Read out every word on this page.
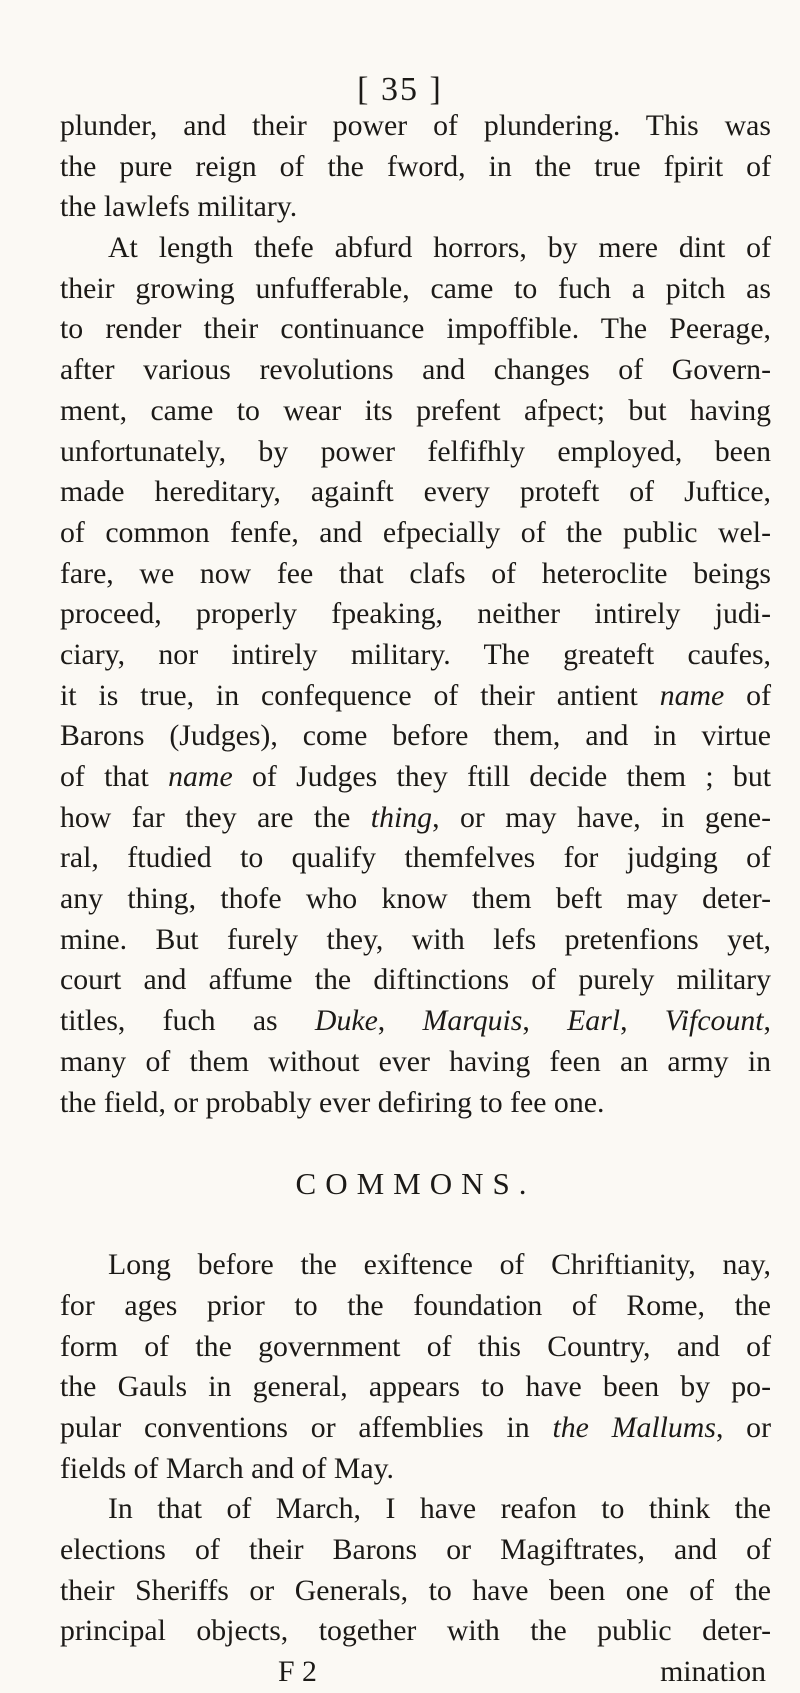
[ 35 ]
plunder, and their power of plundering. This was
the pure reign of the fword, in the true fpirit of
the lawlefs military.
At length thefe abfurd horrors, by mere dint of
their growing unfufferable, came to fuch a pitch as
to render their continuance impoffible. The Peerage,
after various revolutions and changes of Govern-
ment, came to wear its prefent afpect; but having
unfortunately, by power felfifhly employed, been
made hereditary, againft every proteft of Juftice,
of common fenfe, and efpecially of the public wel-
fare, we now fee that clafs of heteroclite beings
proceed, properly fpeaking, neither intirely judi-
ciary, nor intirely military. The greateft caufes,
it is true, in confequence of their antient name of
Barons (Judges), come before them, and in virtue
of that name of Judges they ftill decide them ; but
how far they are the thing, or may have, in gene-
ral, ftudied to qualify themfelves for judging of
any thing, thofe who know them beft may deter-
mine. But furely they, with lefs pretenfions yet,
court and affume the diftinctions of purely military
titles, fuch as Duke, Marquis, Earl, Vifcount,
many of them without ever having feen an army in
the field, or probably ever defiring to fee one.
COMMONS.
Long before the exiftence of Chriftianity, nay,
for ages prior to the foundation of Rome, the
form of the government of this Country, and of
the Gauls in general, appears to have been by po-
pular conventions or affemblies in the Mallums, or
fields of March and of May.
In that of March, I have reafon to think the
elections of their Barons or Magiftrates, and of
their Sheriffs or Generals, to have been one of the
principal objects, together with the public deter-
F 2	mination
